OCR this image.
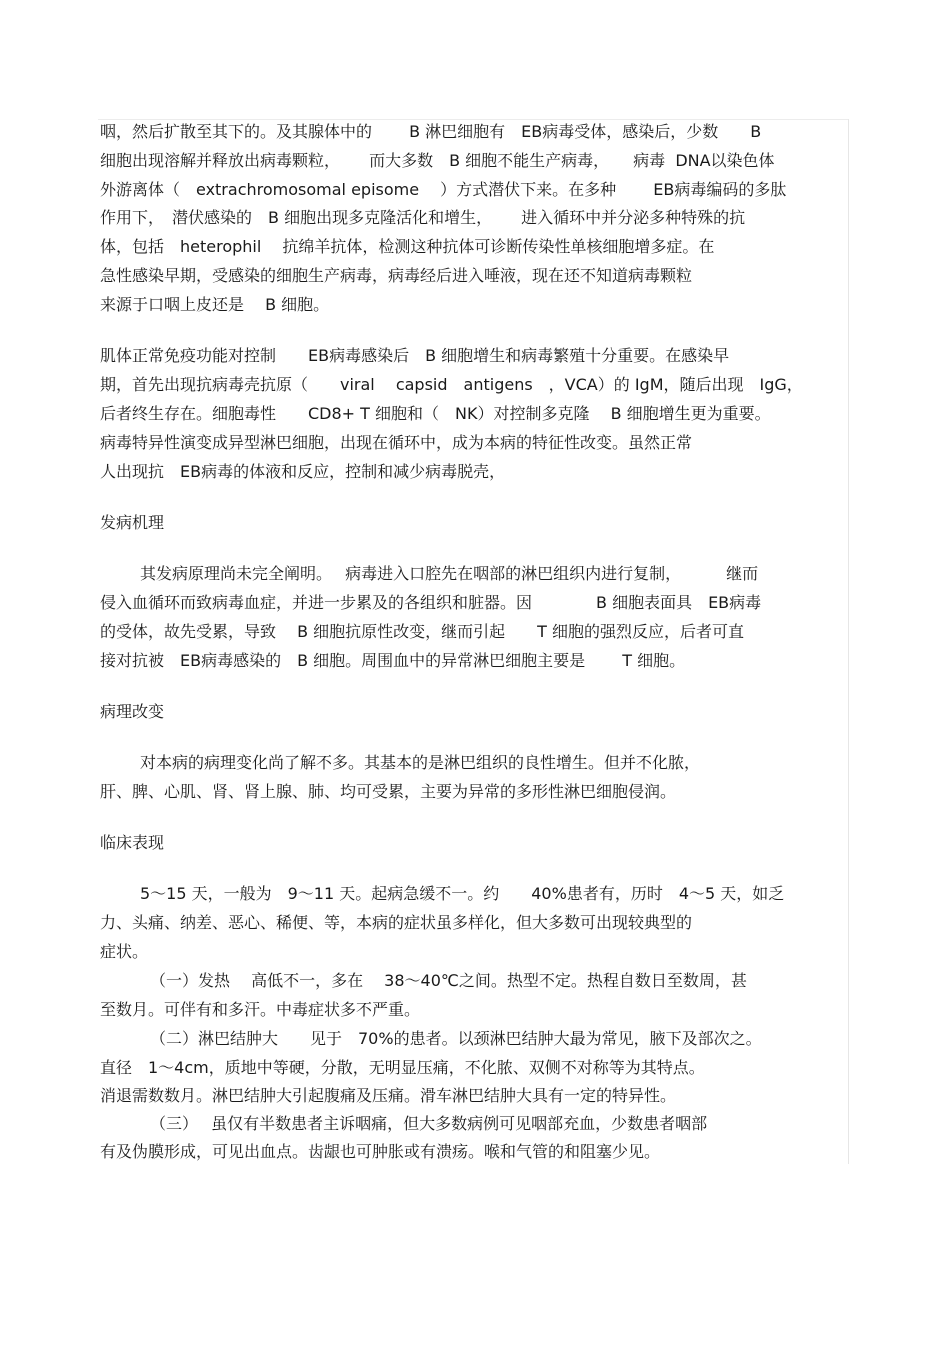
咽，然后扩散至其下的。及其腺体中的　　 B 淋巴细胞有　EB病毒受体，感染后，少数　　B
细胞出现溶解并释放出病毒颗粒，　　 而大多数　B 细胞不能生产病毒，　　病毒  DNA以染色体
外游离体（　extrachromosomal episome　 ）方式潜伏下来。在多种　　 EB病毒编码的多肽
作用下，　潜伏感染的　B 细胞出现多克隆活化和增生，　　 进入循环中并分泌多种特殊的抗
体，包括　heterophil　 抗绵羊抗体，检测这种抗体可诊断传染性单核细胞增多症。在
急性感染早期，受感染的细胞生产病毒，病毒经后进入唾液，现在还不知道病毒颗粒
来源于口咽上皮还是　 B 细胞。
肌体正常免疫功能对控制　　EB病毒感染后　B 细胞增生和病毒繁殖十分重要。在感染早
期，首先出现抗病毒壳抗原（　　viral　 capsid　antigens　，VCA）的 IgM，随后出现　IgG，
后者终生存在。细胞毒性　　CD8+ T 细胞和（　NK）对控制多克隆　 B 细胞增生更为重要。
病毒特异性演变成异型淋巴细胞，出现在循环中，成为本病的特征性改变。虽然正常
人出现抗　EB病毒的体液和反应，控制和减少病毒脱壳，
发病机理
其发病原理尚未完全阐明。　 病毒进入口腔先在咽部的淋巴组织内进行复制，　　　 继而
侵入血循环而致病毒血症，并进一步累及的各组织和脏器。因　　　　B 细胞表面具　EB病毒
的受体，故先受累，导致　 B 细胞抗原性改变，继而引起　　T 细胞的强烈反应，后者可直
接对抗被　EB病毒感染的　B 细胞。周围血中的异常淋巴细胞主要是　　 T 细胞。
病理改变
对本病的病理变化尚了解不多。其基本的是淋巴组织的良性增生。但并不化脓，
肝、脾、心肌、肾、肾上腺、肺、均可受累，主要为异常的多形性淋巴细胞侵润。
临床表现
5～15 天，一般为　9～11 天。起病急缓不一。约　　40%患者有，历时　4～5 天，如乏
力、头痛、纳差、恶心、稀便、等，本病的症状虽多样化，但大多数可出现较典型的
症状。
（一）发热　 高低不一，多在　 38～40℃之间。热型不定。热程自数日至数周，甚
至数月。可伴有和多汗。中毒症状多不严重。
（二）淋巴结肿大　　见于　70%的患者。以颈淋巴结肿大最为常见，腋下及部次之。
直径　1～4cm，质地中等硬，分散，无明显压痛，不化脓、双侧不对称等为其特点。
消退需数数月。淋巴结肿大引起腹痛及压痛。滑车淋巴结肿大具有一定的特异性。
（三）　 虽仅有半数患者主诉咽痛，但大多数病例可见咽部充血，少数患者咽部
有及伪膜形成，可见出血点。齿龈也可肿胀或有溃疡。喉和气管的和阻塞少见。
